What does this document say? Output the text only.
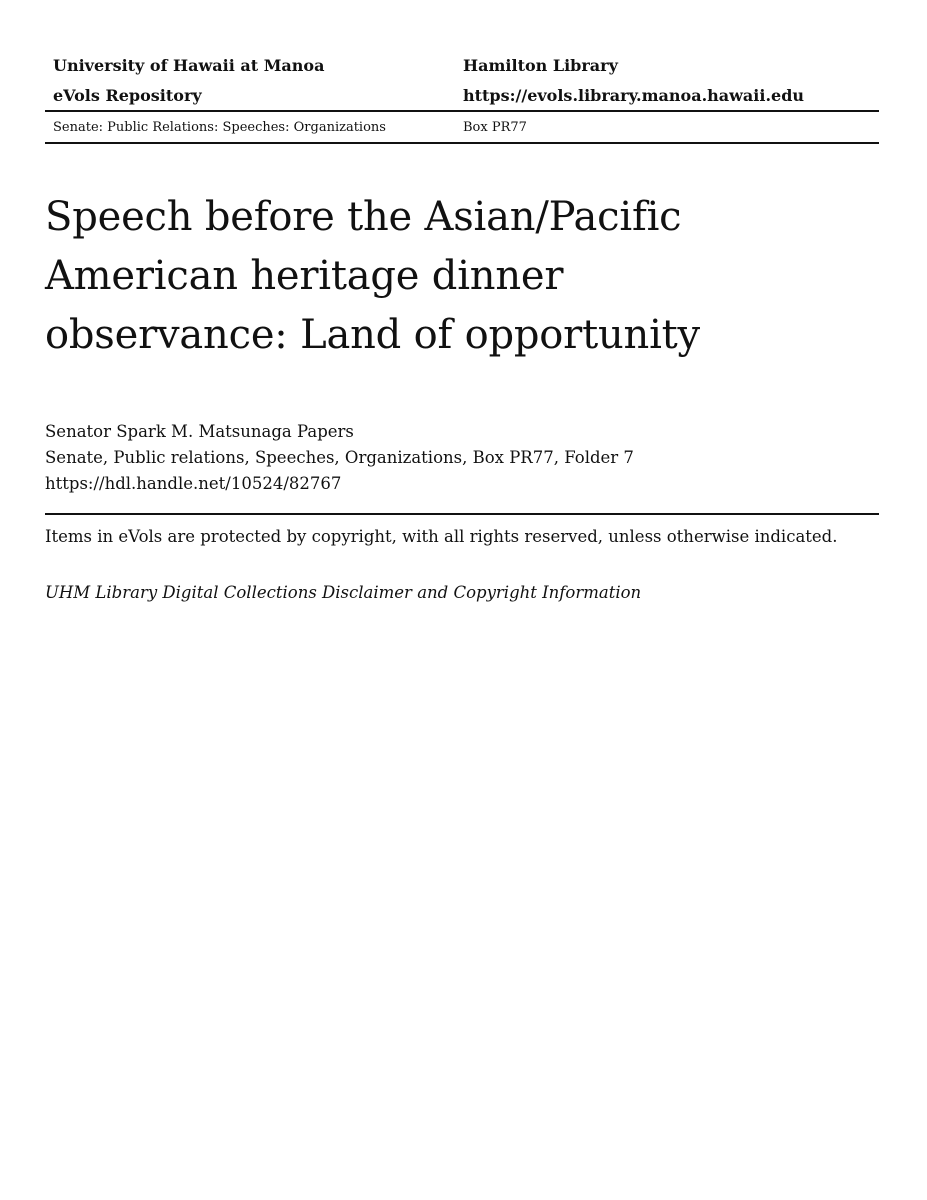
University of Hawaii at Manoa	Hamilton Library
eVols Repository	https://evols.library.manoa.hawaii.edu
Senate: Public Relations: Speeches: Organizations	Box PR77
Speech before the Asian/Pacific American heritage dinner observance: Land of opportunity
Senator Spark M. Matsunaga Papers
Senate, Public relations, Speeches, Organizations, Box PR77, Folder 7
https://hdl.handle.net/10524/82767
Items in eVols are protected by copyright, with all rights reserved, unless otherwise indicated.
UHM Library Digital Collections Disclaimer and Copyright Information
